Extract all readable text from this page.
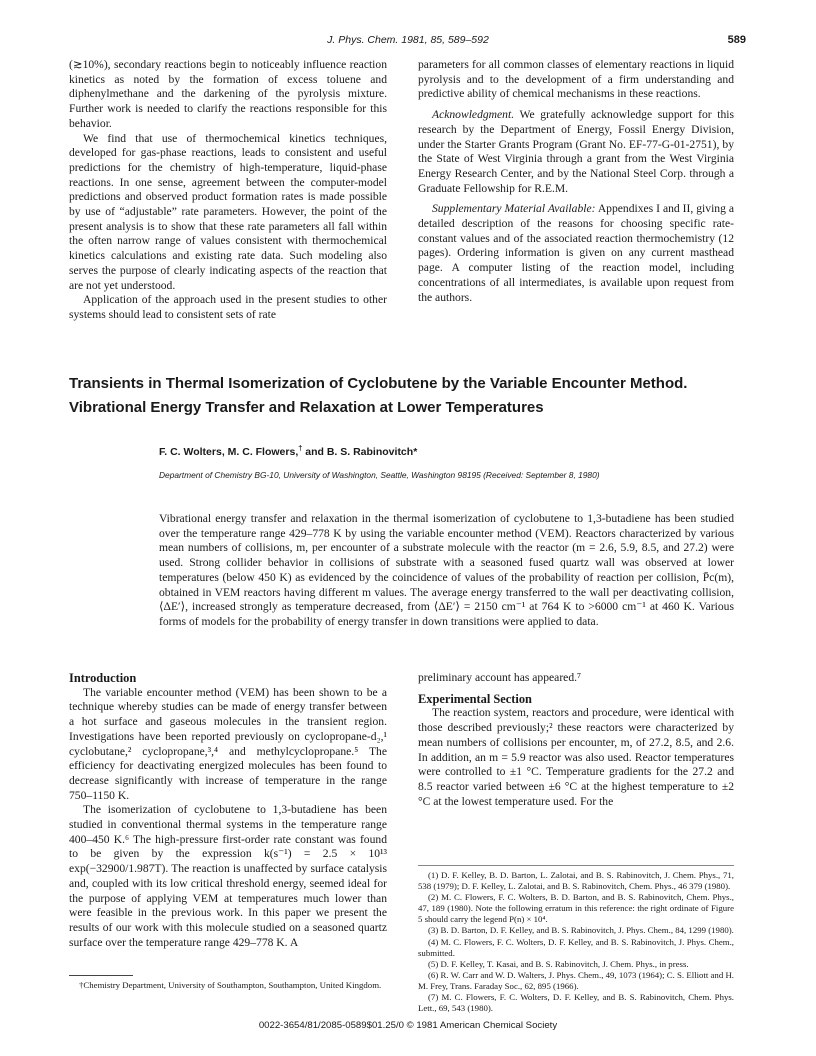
J. Phys. Chem. 1981, 85, 589–592	589

(≳10%), secondary reactions begin to noticeably influence reaction kinetics as noted by the formation of excess toluene and diphenylmethane and the darkening of the pyrolysis mixture. Further work is needed to clarify the reactions responsible for this behavior.

We find that use of thermochemical kinetics techniques, developed for gas-phase reactions, leads to consistent and useful predictions for the chemistry of high-temperature, liquid-phase reactions. In one sense, agreement between the computer-model predictions and observed product formation rates is made possible by use of “adjustable” rate parameters. However, the point of the present analysis is to show that these rate parameters all fall within the often narrow range of values consistent with thermochemical kinetics calculations and existing rate data. Such modeling also serves the purpose of clearly indicating aspects of the reaction that are not yet understood.

Application of the approach used in the present studies to other systems should lead to consistent sets of rate

parameters for all common classes of elementary reactions in liquid pyrolysis and to the development of a firm understanding and predictive ability of chemical mechanisms in these reactions.

Acknowledgment. We gratefully acknowledge support for this research by the Department of Energy, Fossil Energy Division, under the Starter Grants Program (Grant No. EF-77-G-01-2751), by the State of West Virginia through a grant from the West Virginia Energy Research Center, and by the National Steel Corp. through a Graduate Fellowship for R.E.M.

Supplementary Material Available: Appendixes I and II, giving a detailed description of the reasons for choosing specific rate-constant values and of the associated reaction thermochemistry (12 pages). Ordering information is given on any current masthead page. A computer listing of the reaction model, including concentrations of all intermediates, is available upon request from the authors.

Transients in Thermal Isomerization of Cyclobutene by the Variable Encounter Method.
Vibrational Energy Transfer and Relaxation at Lower Temperatures
F. C. Wolters, M. C. Flowers,† and B. S. Rabinovitch*
Department of Chemistry BG-10, University of Washington, Seattle, Washington 98195 (Received: September 8, 1980)
Vibrational energy transfer and relaxation in the thermal isomerization of cyclobutene to 1,3-butadiene has been studied over the temperature range 429–778 K by using the variable encounter method (VEM). Reactors characterized by various mean numbers of collisions, m, per encounter of a substrate molecule with the reactor (m = 2.6, 5.9, 8.5, and 27.2) were used. Strong collider behavior in collisions of substrate with a seasoned fused quartz wall was observed at lower temperatures (below 450 K) as evidenced by the coincidence of values of the probability of reaction per collision, P̄c(m), obtained in VEM reactors having different m values. The average energy transferred to the wall per deactivating collision, ⟨ΔE′⟩, increased strongly as temperature decreased, from ⟨ΔE′⟩ = 2150 cm⁻¹ at 764 K to >6000 cm⁻¹ at 460 K. Various forms of models for the probability of energy transfer in down transitions were applied to data.

Introduction

The variable encounter method (VEM) has been shown to be a technique whereby studies can be made of energy transfer between a hot surface and gaseous molecules in the transient region. Investigations have been reported previously on cyclopropane-d₂,¹ cyclobutane,² cyclopropane,³,⁴ and methylcyclopropane.⁵ The efficiency for deactivating energized molecules has been found to decrease significantly with increase of temperature in the range 750–1150 K.

The isomerization of cyclobutene to 1,3-butadiene has been studied in conventional thermal systems in the temperature range 400–450 K.⁶ The high-pressure first-order rate constant was found to be given by the expression k(s⁻¹) = 2.5 × 10¹³ exp(−32900/1.987T). The reaction is unaffected by surface catalysis and, coupled with its low critical threshold energy, seemed ideal for the purpose of applying VEM at temperatures much lower than were feasible in the previous work. In this paper we present the results of our work with this molecule studied on a seasoned quartz surface over the temperature range 429–778 K. A

†Chemistry Department, University of Southampton, Southampton, United Kingdom.

preliminary account has appeared.⁷

Experimental Section

The reaction system, reactors and procedure, were identical with those described previously;² these reactors were characterized by mean numbers of collisions per encounter, m, of 27.2, 8.5, and 2.6. In addition, an m = 5.9 reactor was also used. Reactor temperatures were controlled to ±1 °C. Temperature gradients for the 27.2 and 8.5 reactor varied between ±6 °C at the highest temperature to ±2 °C at the lowest temperature used. For the

(1) D. F. Kelley, B. D. Barton, L. Zalotai, and B. S. Rabinovitch, J. Chem. Phys., 71, 538 (1979); D. F. Kelley, L. Zalotai, and B. S. Rabinovitch, Chem. Phys., 46 379 (1980).

(2) M. C. Flowers, F. C. Wolters, B. D. Barton, and B. S. Rabinovitch, Chem. Phys., 47, 189 (1980). Note the following erratum in this reference: the right ordinate of Figure 5 should carry the legend P(n) × 10⁴.

(3) B. D. Barton, D. F. Kelley, and B. S. Rabinovitch, J. Phys. Chem., 84, 1299 (1980).

(4) M. C. Flowers, F. C. Wolters, D. F. Kelley, and B. S. Rabinovitch, J. Phys. Chem., submitted.

(5) D. F. Kelley, T. Kasai, and B. S. Rabinovitch, J. Chem. Phys., in press.

(6) R. W. Carr and W. D. Walters, J. Phys. Chem., 49, 1073 (1964); C. S. Elliott and H. M. Frey, Trans. Faraday Soc., 62, 895 (1966).

(7) M. C. Flowers, F. C. Wolters, D. F. Kelley, and B. S. Rabinovitch, Chem. Phys. Lett., 69, 543 (1980).

0022-3654/81/2085-0589$01.25/0 © 1981 American Chemical Society
